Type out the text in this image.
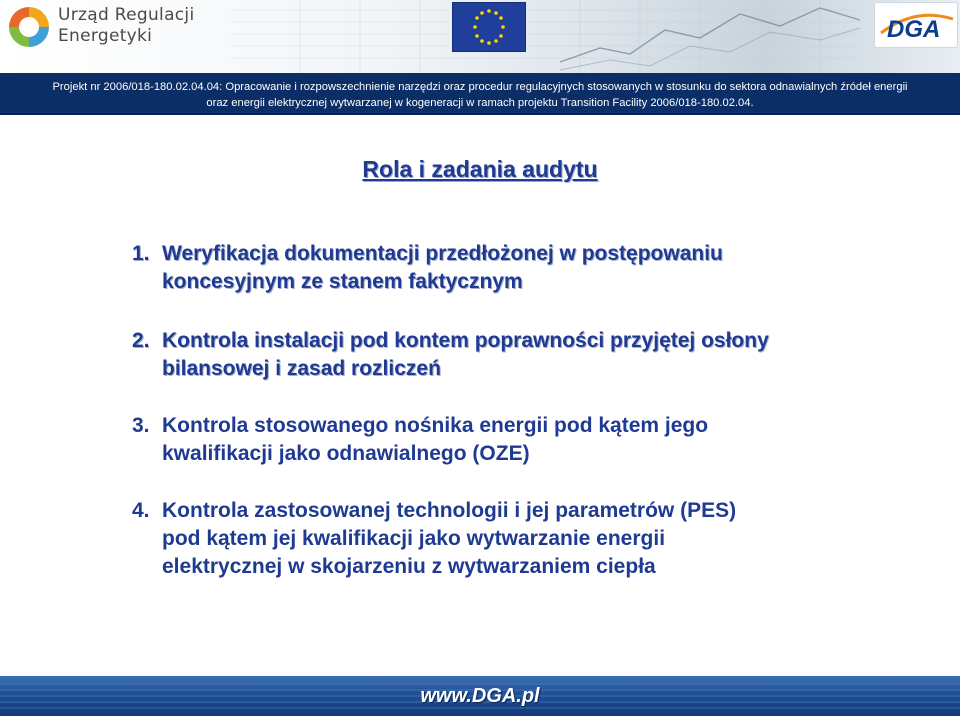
Urząd Regulacji
Energetyki	DGA
Projekt nr 2006/018-180.02.04.04: Opracowanie i rozpowszechnienie narzędzi oraz procedur regulacyjnych stosowanych w stosunku do sektora odnawialnych źródeł energii
oraz energii elektrycznej wytwarzanej w kogeneracji w ramach projektu Transition Facility 2006/018-180.02.04.
Rola i zadania audytu
1. Weryfikacja dokumentacji przedłożonej w postępowaniu
koncesyjnym ze stanem faktycznym
2. Kontrola instalacji pod kontem poprawności przyjętej osłony
bilansowej i zasad rozliczeń
3. Kontrola stosowanego nośnika energii pod kątem jego
kwalifikacji jako odnawialnego (OZE)
4. Kontrola zastosowanej technologii i jej parametrów (PES)
pod kątem jej kwalifikacji jako wytwarzanie energii
elektrycznej w skojarzeniu z wytwarzaniem ciepła
www.DGA.pl
